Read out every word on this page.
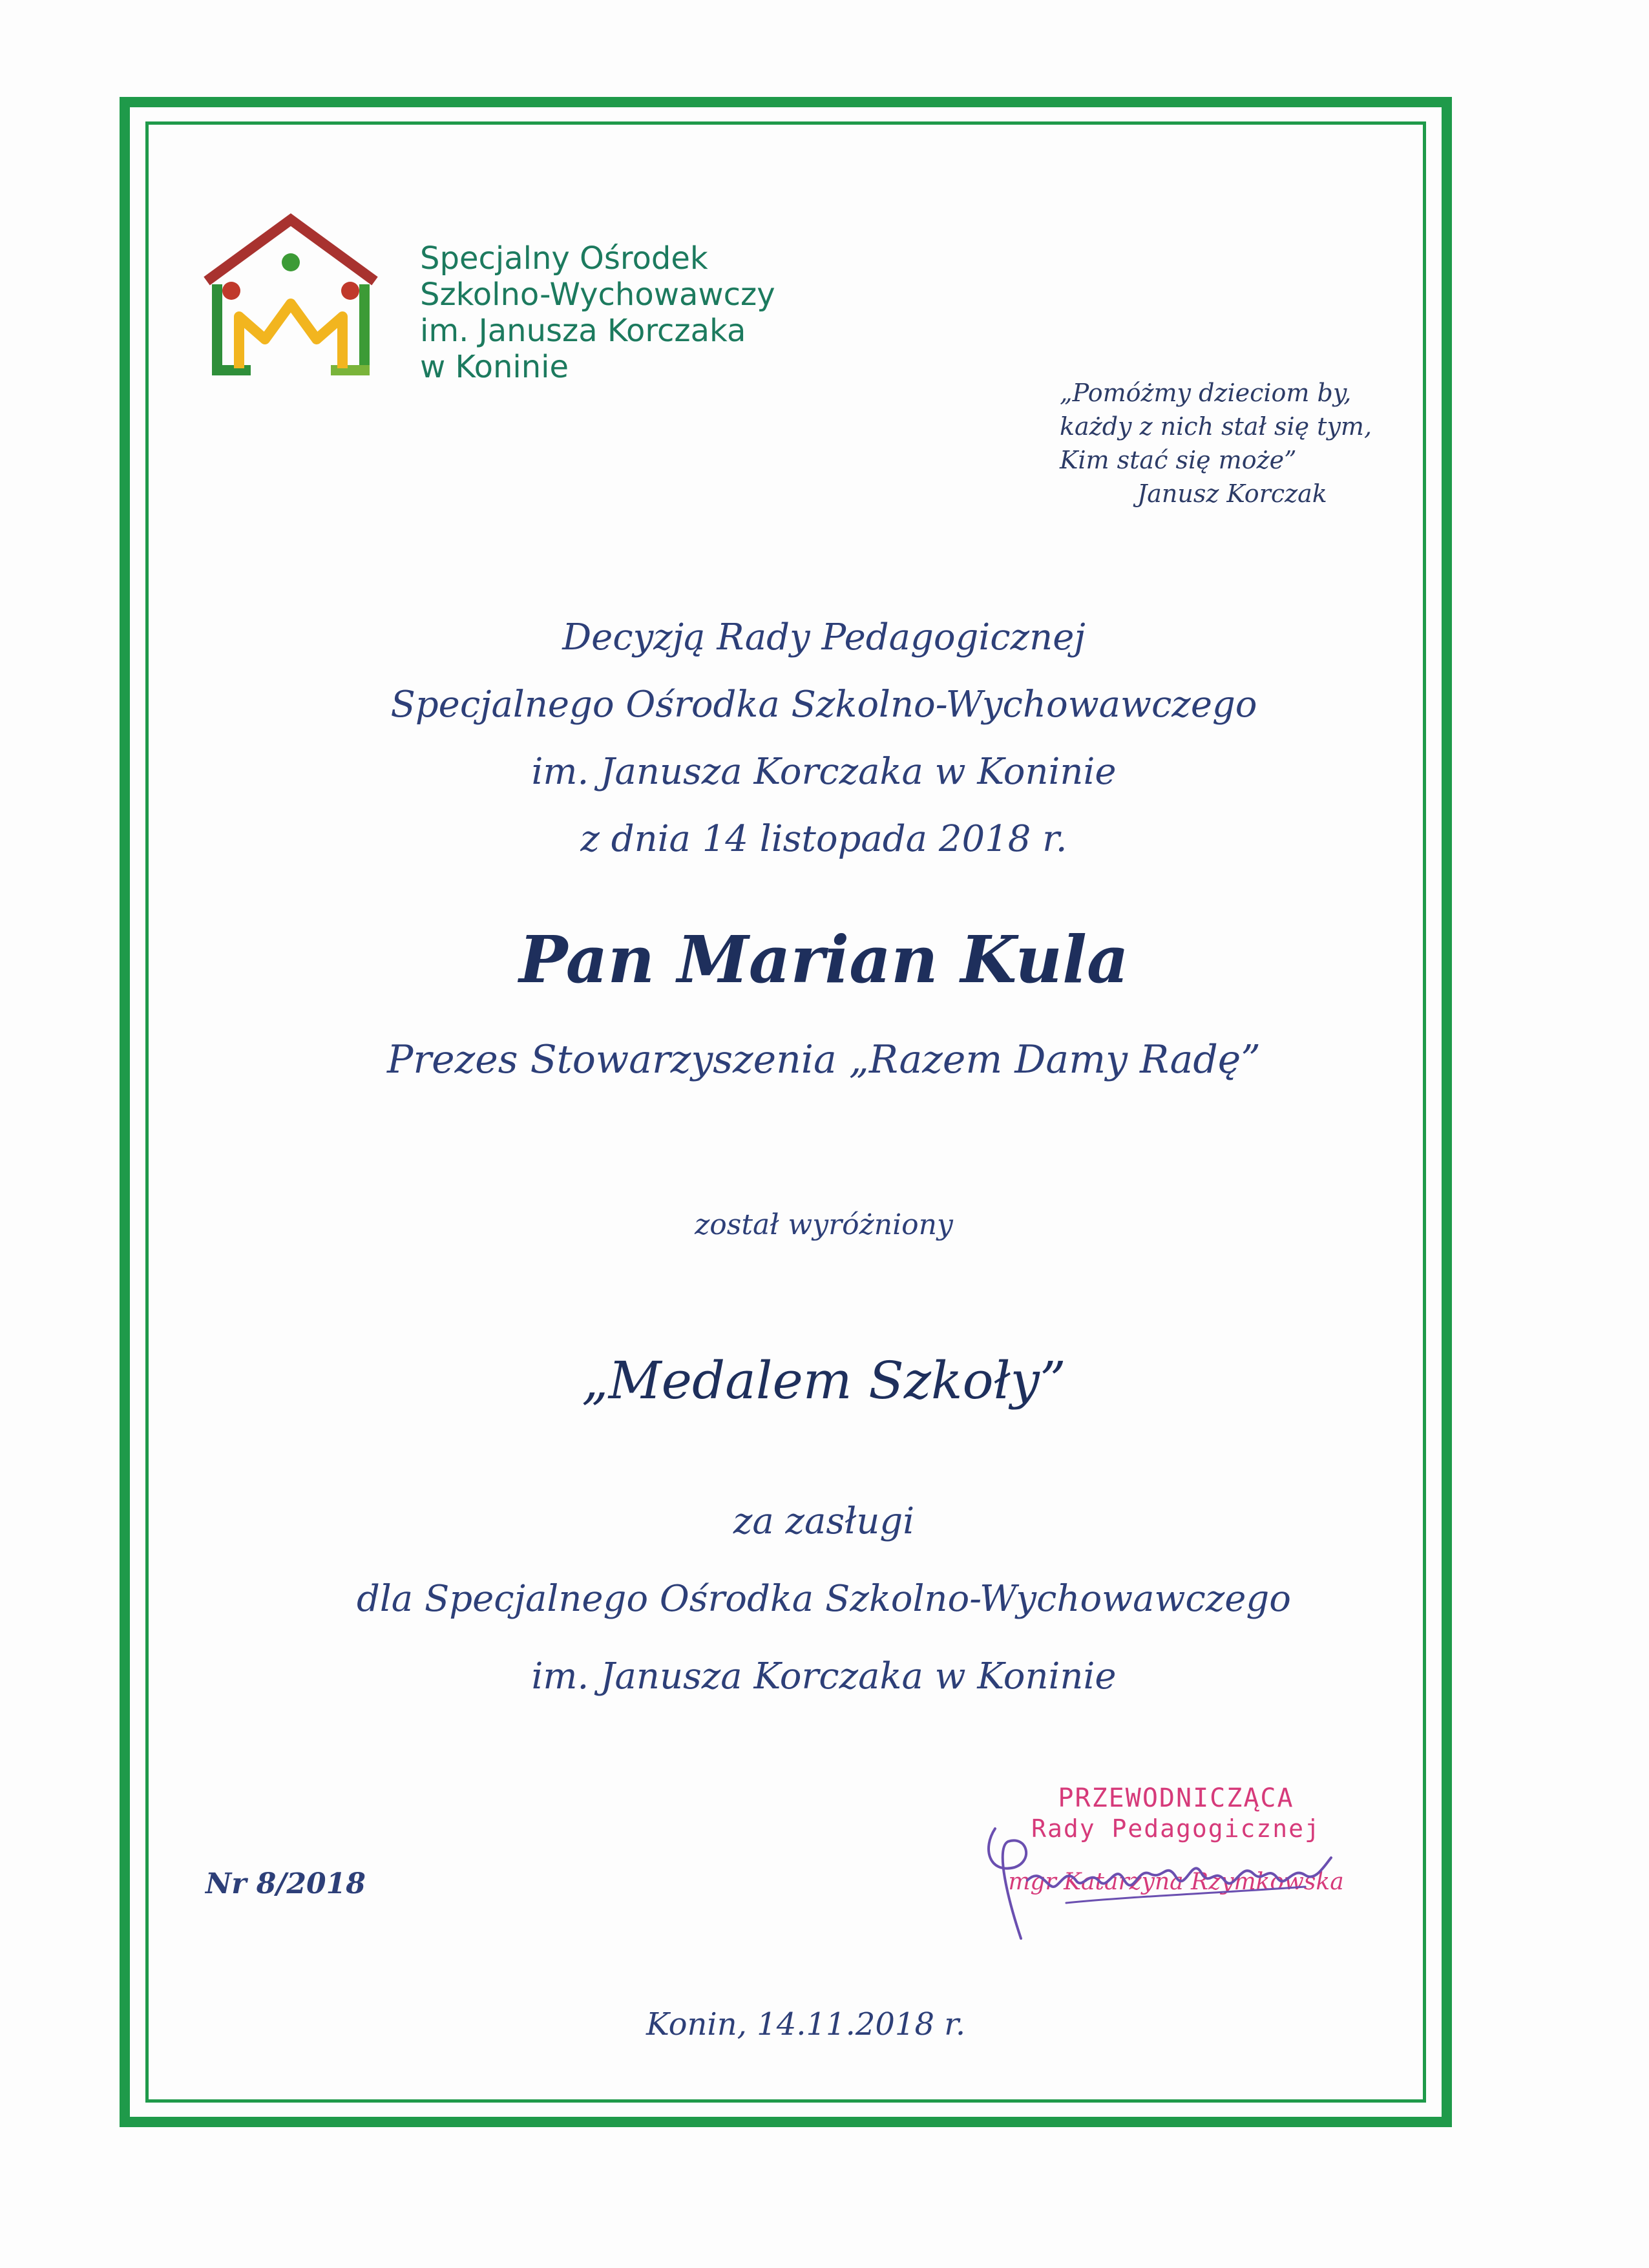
Specjalny Ośrodek
Szkolno-Wychowawczy
im. Janusza Korczaka
w Koninie
„Pomóżmy dzieciom by,
każdy z nich stał się tym,
Kim stać się może”
Janusz Korczak
Decyzją Rady Pedagogicznej
Specjalnego Ośrodka Szkolno-Wychowawczego
im. Janusza Korczaka w Koninie
z dnia 14 listopada 2018 r.
Pan Marian Kula
Prezes Stowarzyszenia „Razem Damy Radę”
został wyróżniony
„Medalem Szkoły”
za zasługi
dla Specjalnego Ośrodka Szkolno-Wychowawczego
im. Janusza Korczaka w Koninie
Nr 8/2018
PRZEWODNICZĄCA
Rady Pedagogicznej
mgr Katarzyna Rzymkowska
Konin, 14.11.2018 r.
